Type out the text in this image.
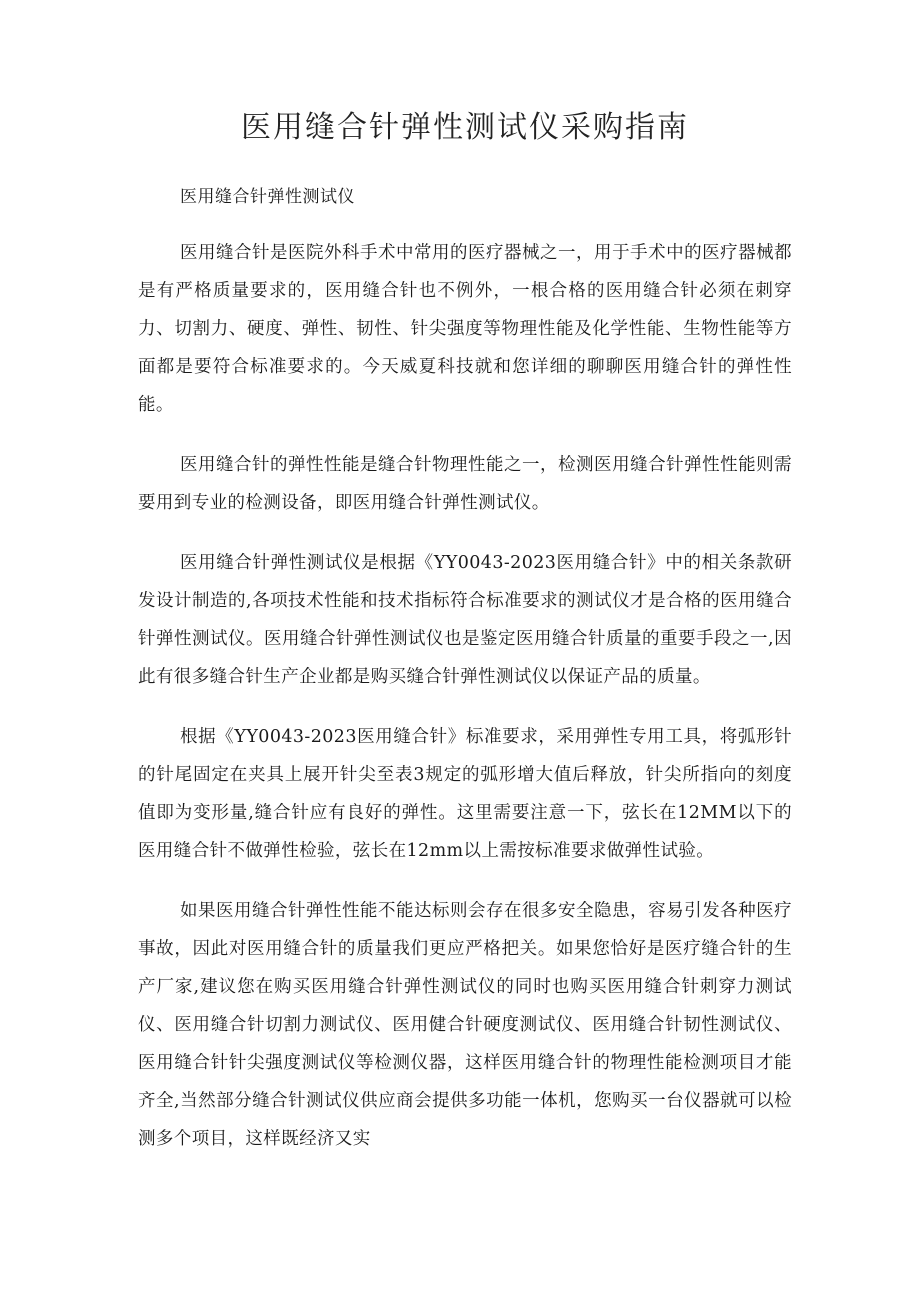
医用缝合针弹性测试仪采购指南

医用缝合针弹性测试仪

医用缝合针是医院外科手术中常用的医疗器械之一，用于手术中的医疗器械都是有严格质量要求的，医用缝合针也不例外，一根合格的医用缝合针必须在刺穿力、切割力、硬度、弹性、韧性、针尖强度等物理性能及化学性能、生物性能等方面都是要符合标准要求的。今天威夏科技就和您详细的聊聊医用缝合针的弹性性能。

医用缝合针的弹性性能是缝合针物理性能之一，检测医用缝合针弹性性能则需要用到专业的检测设备，即医用缝合针弹性测试仪。

医用缝合针弹性测试仪是根据《YY0043-2023医用缝合针》中的相关条款研发设计制造的,各项技术性能和技术指标符合标准要求的测试仪才是合格的医用缝合针弹性测试仪。医用缝合针弹性测试仪也是鉴定医用缝合针质量的重要手段之一,因此有很多缝合针生产企业都是购买缝合针弹性测试仪以保证产品的质量。

根据《YY0043-2023医用缝合针》标准要求，采用弹性专用工具，将弧形针的针尾固定在夹具上展开针尖至表3规定的弧形增大值后释放，针尖所指向的刻度值即为变形量,缝合针应有良好的弹性。这里需要注意一下，弦长在12MM以下的医用缝合针不做弹性检验，弦长在12mm以上需按标准要求做弹性试验。

如果医用缝合针弹性性能不能达标则会存在很多安全隐患，容易引发各种医疗事故，因此对医用缝合针的质量我们更应严格把关。如果您恰好是医疗缝合针的生产厂家,建议您在购买医用缝合针弹性测试仪的同时也购买医用缝合针刺穿力测试仪、医用缝合针切割力测试仪、医用健合针硬度测试仪、医用缝合针韧性测试仪、医用缝合针针尖强度测试仪等检测仪器，这样医用缝合针的物理性能检测项目才能齐全,当然部分缝合针测试仪供应商会提供多功能一体机，您购买一台仪器就可以检测多个项目，这样既经济又实
